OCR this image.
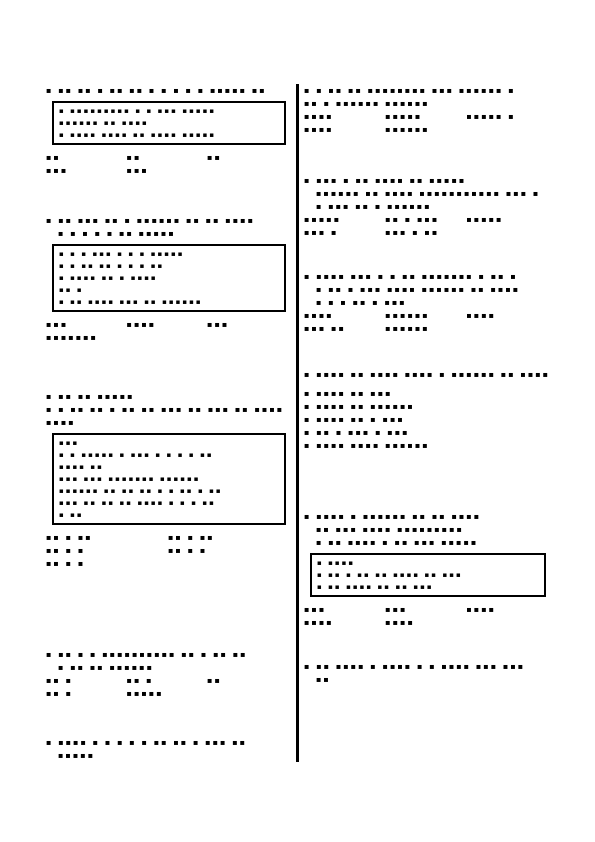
▪ ▪▪ ▪▪ ▪ ▪▪ ▪▪ ▪ ▪ ▪ ▪ ▪ ▪▪▪▪▪ ▪▪
▪ ▪▪▪▪▪▪▪▪▪ ▪ ▪ ▪▪▪ ▪▪▪▪▪
▪▪▪▪▪▪ ▪▪ ▪▪▪▪
▪ ▪▪▪▪ ▪▪▪▪ ▪▪ ▪▪▪▪ ▪▪▪▪▪
▪▪	▪▪	▪▪
▪▪▪	▪▪▪
▪ ▪▪ ▪▪▪ ▪▪ ▪ ▪▪▪▪▪▪ ▪▪ ▪▪ ▪▪▪▪
▪ ▪ ▪ ▪ ▪ ▪▪ ▪▪▪▪▪
▪ ▪ ▪ ▪▪▪ ▪ ▪ ▪ ▪▪▪▪▪
▪ ▪ ▪▪ ▪▪ ▪ ▪ ▪ ▪▪
▪ ▪▪▪▪ ▪▪ ▪ ▪▪▪▪
▪▪ ▪
▪ ▪▪ ▪▪▪▪ ▪▪▪ ▪▪ ▪▪▪▪▪▪
▪▪▪	▪▪▪▪	▪▪▪
▪▪▪▪▪▪▪
▪ ▪▪ ▪▪ ▪▪▪▪▪
▪ ▪ ▪▪ ▪▪ ▪ ▪▪ ▪▪ ▪▪▪ ▪▪ ▪▪▪ ▪▪ ▪▪▪▪
▪▪▪▪
▪▪▪
▪ ▪ ▪▪▪▪▪ ▪ ▪▪▪ ▪ ▪ ▪ ▪ ▪▪
▪▪▪▪ ▪▪
▪▪▪ ▪▪▪ ▪▪▪▪▪▪▪ ▪▪▪▪▪▪
▪▪▪▪▪▪ ▪▪ ▪▪ ▪▪ ▪ ▪ ▪▪ ▪ ▪▪
▪▪▪ ▪▪ ▪▪ ▪▪ ▪▪▪▪ ▪ ▪ ▪ ▪▪
▪ ▪▪
▪▪ ▪ ▪▪	▪▪ ▪ ▪▪
▪▪ ▪ ▪	▪▪ ▪ ▪
▪▪ ▪ ▪
▪ ▪▪ ▪ ▪ ▪▪▪▪▪▪▪▪▪▪ ▪▪ ▪ ▪▪ ▪▪
▪ ▪▪ ▪▪ ▪▪▪▪▪▪
▪▪ ▪	▪▪ ▪	▪▪
▪▪ ▪	▪▪▪▪▪
▪ ▪▪▪▪ ▪ ▪ ▪ ▪ ▪ ▪▪ ▪▪ ▪ ▪▪▪ ▪▪
▪▪▪▪▪
▪ ▪ ▪▪ ▪▪ ▪▪▪▪▪▪▪▪ ▪▪▪ ▪▪▪▪▪▪ ▪
▪▪ ▪ ▪▪▪▪▪▪ ▪▪▪▪▪▪
▪▪▪▪	▪▪▪▪▪	▪▪▪▪▪ ▪
▪▪▪▪	▪▪▪▪▪▪
▪ ▪▪▪ ▪ ▪▪ ▪▪▪▪ ▪▪ ▪▪▪▪▪
▪▪▪▪▪▪ ▪▪ ▪▪▪▪ ▪▪▪▪▪▪▪▪▪▪▪ ▪▪▪ ▪
▪ ▪▪▪ ▪▪ ▪ ▪▪▪▪▪▪
▪▪▪▪▪	▪▪ ▪ ▪▪▪	▪▪▪▪▪
▪▪▪ ▪	▪▪▪ ▪ ▪▪
▪ ▪▪▪▪ ▪▪▪ ▪ ▪ ▪▪ ▪▪▪▪▪▪▪ ▪ ▪▪ ▪
▪ ▪▪ ▪ ▪▪▪ ▪▪▪▪ ▪▪▪▪▪▪ ▪▪ ▪▪▪▪
▪ ▪ ▪ ▪▪ ▪ ▪▪▪
▪▪▪▪	▪▪▪▪▪▪	▪▪▪▪
▪▪▪ ▪▪	▪▪▪▪▪▪
▪ ▪▪▪▪ ▪▪ ▪▪▪▪ ▪▪▪▪ ▪ ▪▪▪▪▪▪ ▪▪ ▪▪▪▪
▪ ▪▪▪▪ ▪▪ ▪▪▪
▪ ▪▪▪▪ ▪▪ ▪▪▪▪▪▪
▪ ▪▪▪▪ ▪▪ ▪ ▪▪▪
▪ ▪▪ ▪ ▪▪▪ ▪ ▪▪▪
▪ ▪▪▪▪ ▪▪▪▪ ▪▪▪▪▪▪
▪ ▪▪▪▪ ▪ ▪▪▪▪▪▪ ▪▪ ▪▪ ▪▪▪▪
▪▪ ▪▪▪ ▪▪▪▪ ▪▪▪▪▪▪▪▪▪
▪ ▪▪ ▪▪▪▪ ▪ ▪▪ ▪▪▪ ▪▪▪▪▪
▪ ▪▪▪▪
▪ ▪▪ ▪ ▪▪ ▪▪ ▪▪▪▪ ▪▪ ▪▪▪
▪ ▪▪ ▪▪▪▪ ▪▪ ▪▪ ▪▪▪
▪▪▪	▪▪▪	▪▪▪▪
▪▪▪▪	▪▪▪▪
▪ ▪▪ ▪▪▪▪ ▪ ▪▪▪▪ ▪ ▪ ▪▪▪▪ ▪▪▪ ▪▪▪
▪▪
